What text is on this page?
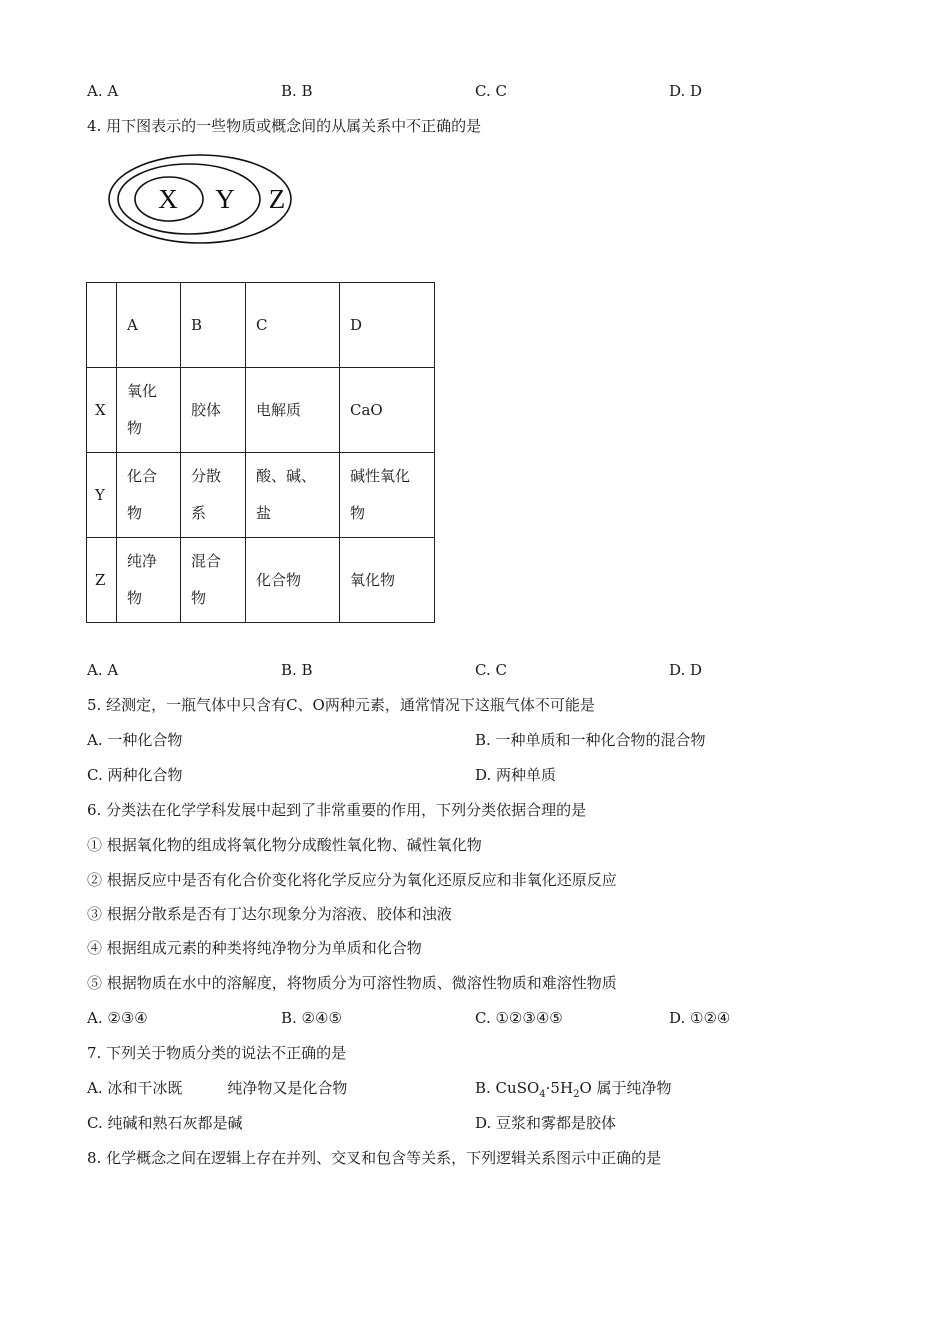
A. A	B. B	C. C	D. D
4. 用下图表示的一些物质或概念间的从属关系中不正确的是
X Y Z
	A	B	C	D
X	氧化物	胶体	电解质	CaO
Y	化合物	分散系	酸、碱、盐	碱性氧化物
Z	纯净物	混合物	化合物	氧化物
A. A	B. B	C. C	D. D
5. 经测定，一瓶气体中只含有C、O两种元素，通常情况下这瓶气体不可能是
A. 一种化合物	B. 一种单质和一种化合物的混合物
C. 两种化合物	D. 两种单质
6. 分类法在化学学科发展中起到了非常重要的作用，下列分类依据合理的是
① 根据氧化物的组成将氧化物分成酸性氧化物、碱性氧化物
② 根据反应中是否有化合价变化将化学反应分为氧化还原反应和非氧化还原反应
③ 根据分散系是否有丁达尔现象分为溶液、胶体和浊液
④ 根据组成元素的种类将纯净物分为单质和化合物
⑤ 根据物质在水中的溶解度，将物质分为可溶性物质、微溶性物质和难溶性物质
A. ②③④	B. ②④⑤	C. ①②③④⑤	D. ①②④
7. 下列关于物质分类的说法不正确的是
A. 冰和干冰既　　　纯净物又是化合物	B. $CuSO_4\cdot 5H_2O$ 属于纯净物
C. 纯碱和熟石灰都是碱	D. 豆浆和雾都是胶体
8. 化学概念之间在逻辑上存在并列、交叉和包含等关系，下列逻辑关系图示中正确的是
